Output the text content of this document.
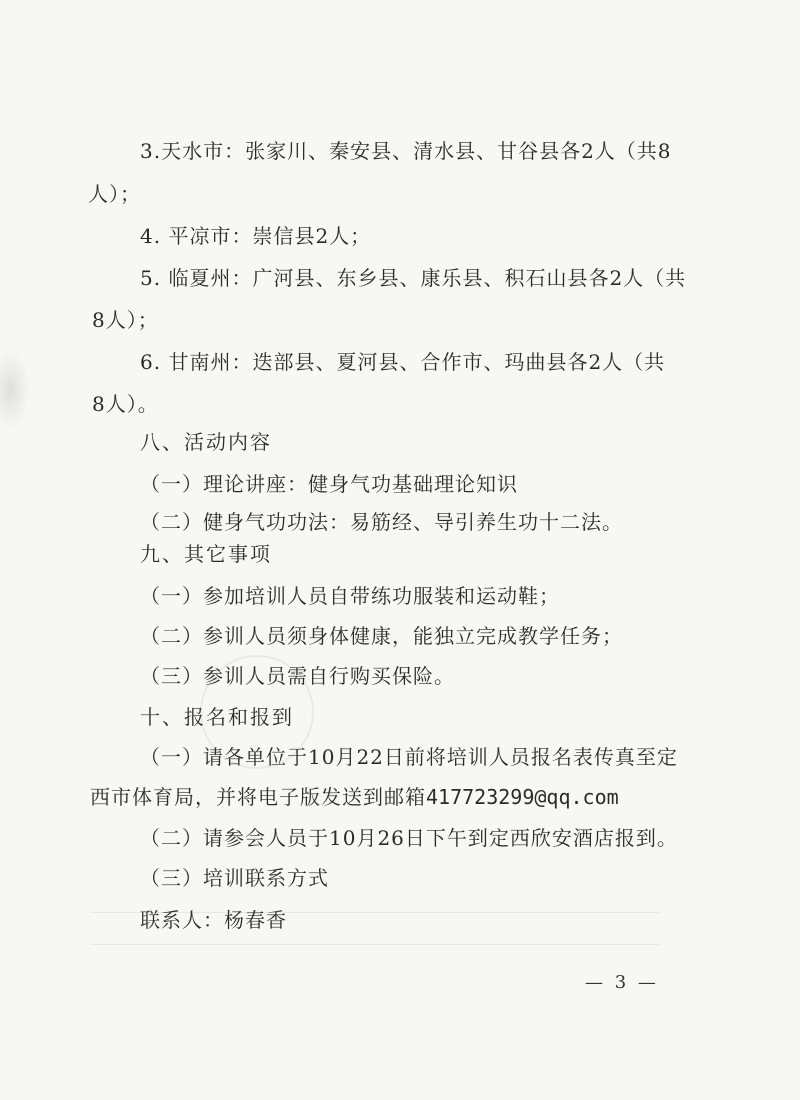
3.天水市：张家川、秦安县、清水县、甘谷县各2人（共8
人）；
4. 平凉市：崇信县2人；
5. 临夏州：广河县、东乡县、康乐县、积石山县各2人（共
8人）；
6. 甘南州：迭部县、夏河县、合作市、玛曲县各2人（共
8人）。
八、活动内容
（一）理论讲座：健身气功基础理论知识
（二）健身气功功法：易筋经、导引养生功十二法。
九、其它事项
（一）参加培训人员自带练功服装和运动鞋；
（二）参训人员须身体健康，能独立完成教学任务；
（三）参训人员需自行购买保险。
十、报名和报到
（一）请各单位于10月22日前将培训人员报名表传真至定
西市体育局，并将电子版发送到邮箱417723299@qq.com
（二）请参会人员于10月26日下午到定西欣安酒店报到。
（三）培训联系方式
联系人：杨春香
— 3 —
